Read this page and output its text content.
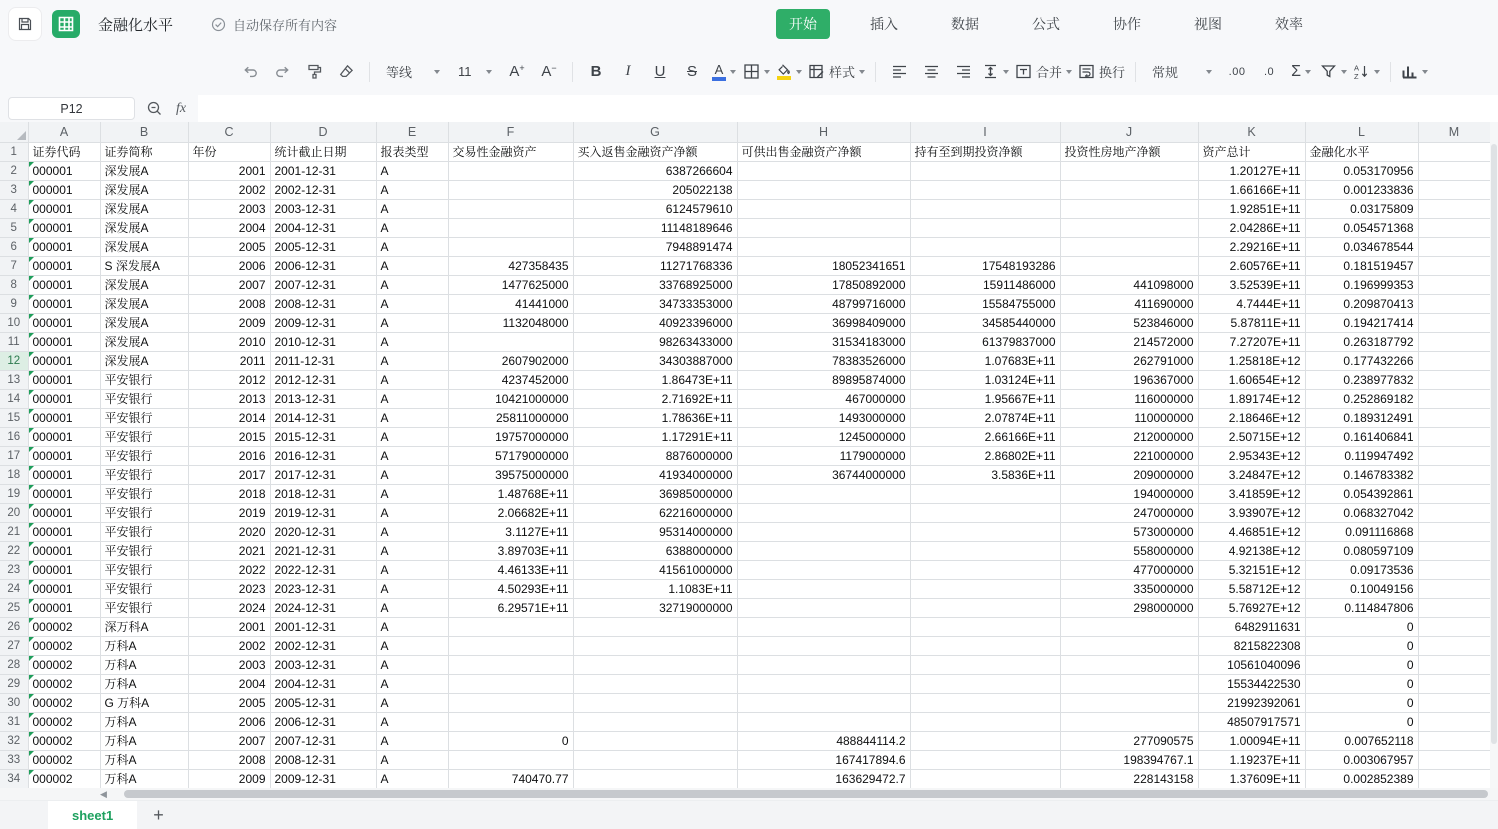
金融化水平	自动保存所有内容	开始	插入	数据	公式	协作	视图	效率
等线	11	A + A − B I U S A	样式	合并	换行 常规	.00 .0 Σ	A
Z
P12	fx
	A	B	C	D	E	F	G	H	I	J	K	L	M
1	证券代码	证券简称	年份	统计截止日期	报表类型	交易性金融资产	买入返售金融资产净额	可供出售金融资产净额	持有至到期投资净额	投资性房地产净额	资产总计	金融化水平	
2	000001	深发展A	2001	2001-12-31	A		6387266604				1.20127E+11	0.053170956	
3	000001	深发展A	2002	2002-12-31	A		205022138				1.66166E+11	0.001233836	
4	000001	深发展A	2003	2003-12-31	A		6124579610				1.92851E+11	0.03175809	
5	000001	深发展A	2004	2004-12-31	A		11148189646				2.04286E+11	0.054571368	
6	000001	深发展A	2005	2005-12-31	A		7948891474				2.29216E+11	0.034678544	
7	000001	S 深发展A	2006	2006-12-31	A	427358435	11271768336	18052341651	17548193286		2.60576E+11	0.181519457	
8	000001	深发展A	2007	2007-12-31	A	1477625000	33768925000	17850892000	15911486000	441098000	3.52539E+11	0.196999353	
9	000001	深发展A	2008	2008-12-31	A	41441000	34733353000	48799716000	15584755000	411690000	4.7444E+11	0.209870413	
10	000001	深发展A	2009	2009-12-31	A	1132048000	40923396000	36998409000	34585440000	523846000	5.87811E+11	0.194217414	
11	000001	深发展A	2010	2010-12-31	A		98263433000	31534183000	61379837000	214572000	7.27207E+11	0.263187792	
12	000001	深发展A	2011	2011-12-31	A	2607902000	34303887000	78383526000	1.07683E+11	262791000	1.25818E+12	0.177432266	
13	000001	平安银行	2012	2012-12-31	A	4237452000	1.86473E+11	89895874000	1.03124E+11	196367000	1.60654E+12	0.238977832	
14	000001	平安银行	2013	2013-12-31	A	10421000000	2.71692E+11	467000000	1.95667E+11	116000000	1.89174E+12	0.252869182	
15	000001	平安银行	2014	2014-12-31	A	25811000000	1.78636E+11	1493000000	2.07874E+11	110000000	2.18646E+12	0.189312491	
16	000001	平安银行	2015	2015-12-31	A	19757000000	1.17291E+11	1245000000	2.66166E+11	212000000	2.50715E+12	0.161406841	
17	000001	平安银行	2016	2016-12-31	A	57179000000	8876000000	1179000000	2.86802E+11	221000000	2.95343E+12	0.119947492	
18	000001	平安银行	2017	2017-12-31	A	39575000000	41934000000	36744000000	3.5836E+11	209000000	3.24847E+12	0.146783382	
19	000001	平安银行	2018	2018-12-31	A	1.48768E+11	36985000000			194000000	3.41859E+12	0.054392861	
20	000001	平安银行	2019	2019-12-31	A	2.06682E+11	62216000000			247000000	3.93907E+12	0.068327042	
21	000001	平安银行	2020	2020-12-31	A	3.1127E+11	95314000000			573000000	4.46851E+12	0.091116868	
22	000001	平安银行	2021	2021-12-31	A	3.89703E+11	6388000000			558000000	4.92138E+12	0.080597109	
23	000001	平安银行	2022	2022-12-31	A	4.46133E+11	41561000000			477000000	5.32151E+12	0.09173536	
24	000001	平安银行	2023	2023-12-31	A	4.50293E+11	1.1083E+11			335000000	5.58712E+12	0.10049156	
25	000001	平安银行	2024	2024-12-31	A	6.29571E+11	32719000000			298000000	5.76927E+12	0.114847806	
26	000002	深万科A	2001	2001-12-31	A						6482911631	0	
27	000002	万科A	2002	2002-12-31	A						8215822308	0	
28	000002	万科A	2003	2003-12-31	A						10561040096	0	
29	000002	万科A	2004	2004-12-31	A						15534422530	0	
30	000002	G 万科A	2005	2005-12-31	A						21992392061	0	
31	000002	万科A	2006	2006-12-31	A						48507917571	0	
32	000002	万科A	2007	2007-12-31	A	0		488844114.2		277090575	1.00094E+11	0.007652118	
33	000002	万科A	2008	2008-12-31	A			167417894.6		198394767.1	1.19237E+11	0.003067957	
34	000002	万科A	2009	2009-12-31	A	740470.77		163629472.7		228143158	1.37609E+11	0.002852389	
◀
sheet1	+
